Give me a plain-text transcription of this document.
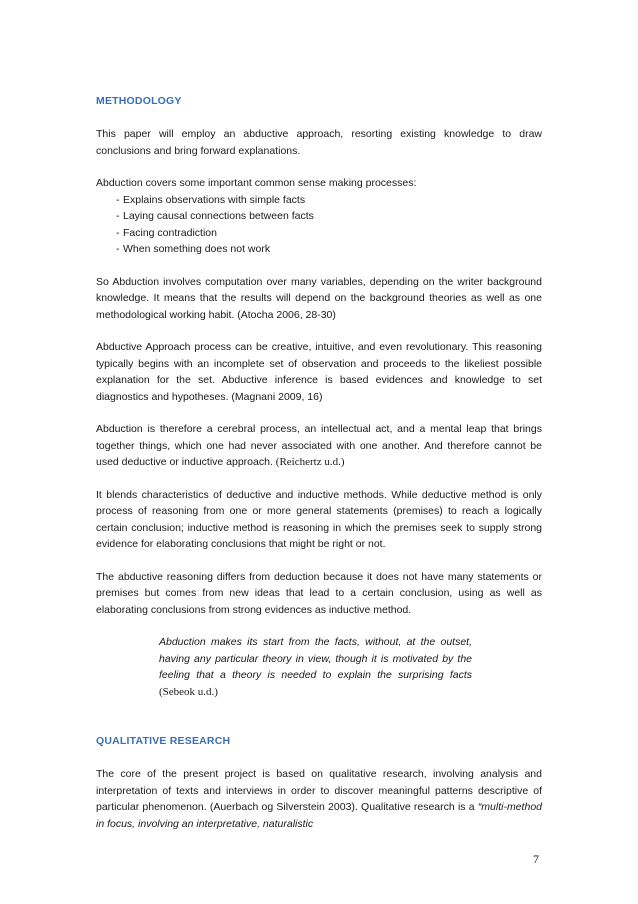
METHODOLOGY

This paper will employ an abductive approach, resorting existing knowledge to draw conclusions and bring forward explanations.

Abduction covers some important common sense making processes:

- Explains observations with simple facts
- Laying causal connections between facts
- Facing contradiction
- When something does not work

So Abduction involves computation over many variables, depending on the writer background knowledge. It means that the results will depend on the background theories as well as one methodological working habit. (Atocha 2006, 28-30)

Abductive Approach process can be creative, intuitive, and even revolutionary. This reasoning typically begins with an incomplete set of observation and proceeds to the likeliest possible explanation for the set. Abductive inference is based evidences and knowledge to set diagnostics and hypotheses. (Magnani 2009, 16)

Abduction is therefore a cerebral process, an intellectual act, and a mental leap that brings together things, which one had never associated with one another. And therefore cannot be used deductive or inductive approach. (Reichertz u.d.)

It blends characteristics of deductive and inductive methods. While deductive method is only process of reasoning from one or more general statements (premises) to reach a logically certain conclusion; inductive method is reasoning in which the premises seek to supply strong evidence for elaborating conclusions that might be right or not.

The abductive reasoning differs from deduction because it does not have many statements or premises but comes from new ideas that lead to a certain conclusion, using as well as elaborating conclusions from strong evidences as inductive method.

Abduction makes its start from the facts, without, at the outset, having any particular theory in view, though it is motivated by the feeling that a theory is needed to explain the surprising facts (Sebeok u.d.)
QUALITATIVE RESEARCH

The core of the present project is based on qualitative research, involving analysis and interpretation of texts and interviews in order to discover meaningful patterns descriptive of particular phenomenon. (Auerbach og Silverstein 2003). Qualitative research is a “multi-method in focus, involving an interpretative, naturalistic

7
